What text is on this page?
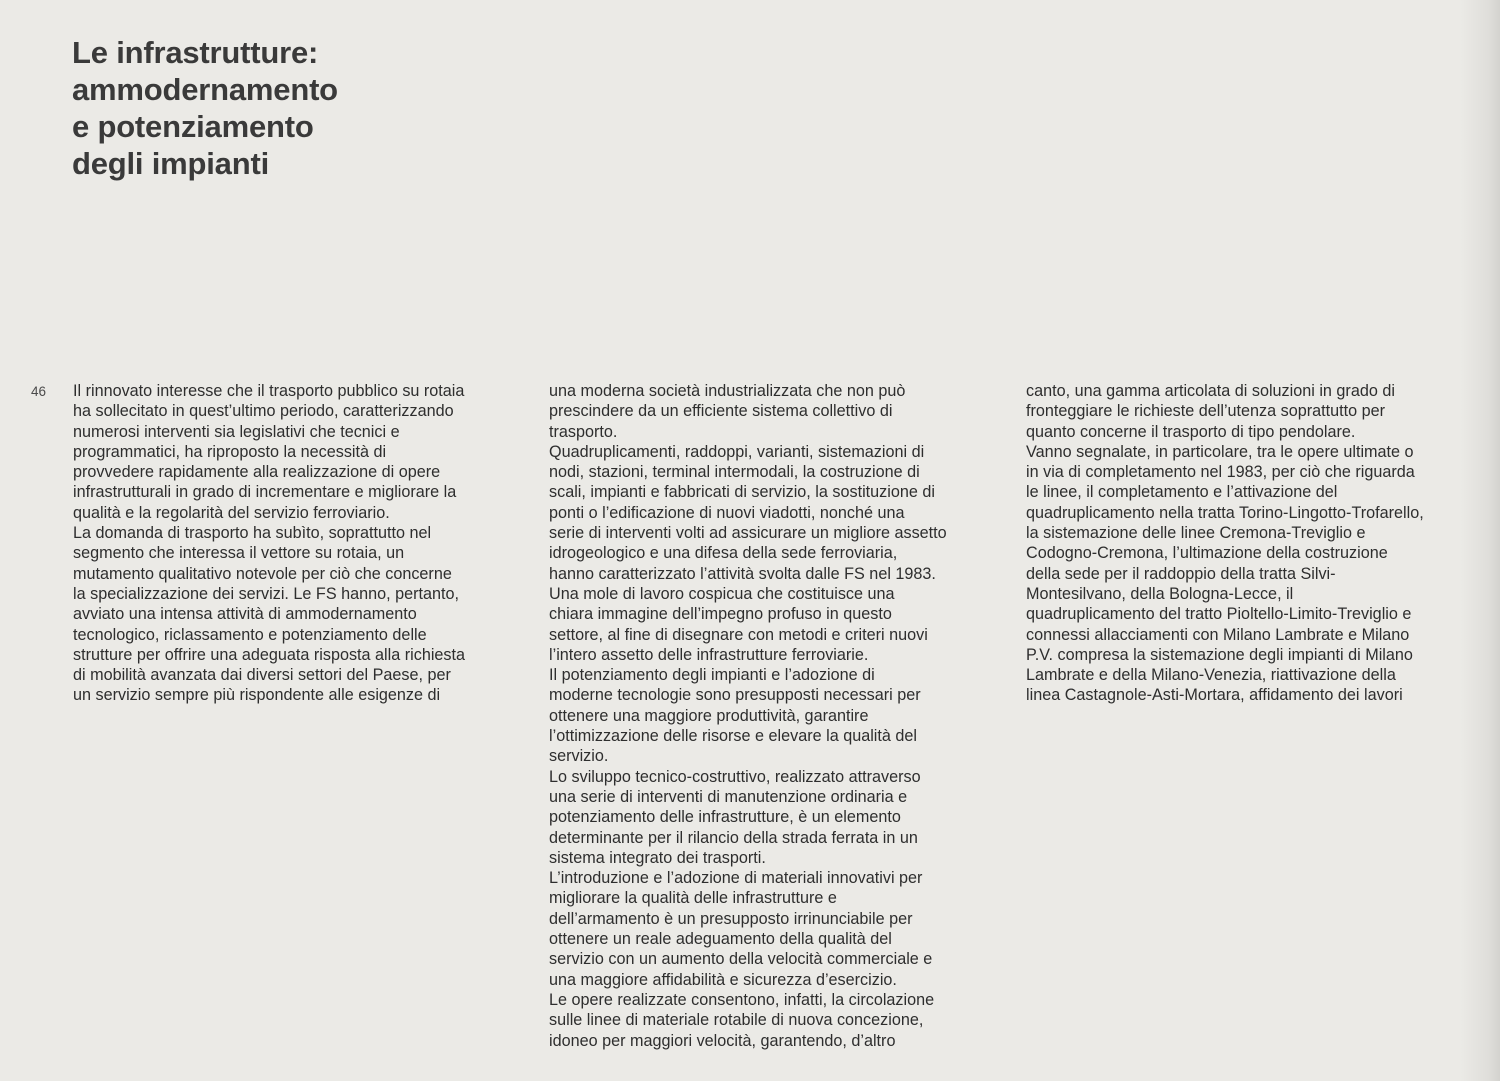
Le infrastrutture:
ammodernamento
e potenziamento
degli impianti
46 Il rinnovato interesse che il trasporto pubblico su rotaia
ha sollecitato in quest’ultimo periodo, caratterizzando
numerosi interventi sia legislativi che tecnici e
programmatici, ha riproposto la necessità di
provvedere rapidamente alla realizzazione di opere
infrastrutturali in grado di incrementare e migliorare la
qualità e la regolarità del servizio ferroviario.
La domanda di trasporto ha subìto, soprattutto nel
segmento che interessa il vettore su rotaia, un
mutamento qualitativo notevole per ciò che concerne
la specializzazione dei servizi. Le FS hanno, pertanto,
avviato una intensa attività di ammodernamento
tecnologico, riclassamento e potenziamento delle
strutture per offrire una adeguata risposta alla richiesta
di mobilità avanzata dai diversi settori del Paese, per
un servizio sempre più rispondente alle esigenze di
una moderna società industrializzata che non può
prescindere da un efficiente sistema collettivo di
trasporto.
Quadruplicamenti, raddoppi, varianti, sistemazioni di
nodi, stazioni, terminal intermodali, la costruzione di
scali, impianti e fabbricati di servizio, la sostituzione di
ponti o l’edificazione di nuovi viadotti, nonché una
serie di interventi volti ad assicurare un migliore assetto
idrogeologico e una difesa della sede ferroviaria,
hanno caratterizzato l’attività svolta dalle FS nel 1983.
Una mole di lavoro cospicua che costituisce una
chiara immagine dell’impegno profuso in questo
settore, al fine di disegnare con metodi e criteri nuovi
l’intero assetto delle infrastrutture ferroviarie.
Il potenziamento degli impianti e l’adozione di
moderne tecnologie sono presupposti necessari per
ottenere una maggiore produttività, garantire
l’ottimizzazione delle risorse e elevare la qualità del
servizio.
Lo sviluppo tecnico-costruttivo, realizzato attraverso
una serie di interventi di manutenzione ordinaria e
potenziamento delle infrastrutture, è un elemento
determinante per il rilancio della strada ferrata in un
sistema integrato dei trasporti.
L’introduzione e l’adozione di materiali innovativi per
migliorare la qualità delle infrastrutture e
dell’armamento è un presupposto irrinunciabile per
ottenere un reale adeguamento della qualità del
servizio con un aumento della velocità commerciale e
una maggiore affidabilità e sicurezza d’esercizio.
Le opere realizzate consentono, infatti, la circolazione
sulle linee di materiale rotabile di nuova concezione,
idoneo per maggiori velocità, garantendo, d’altro
canto, una gamma articolata di soluzioni in grado di
fronteggiare le richieste dell’utenza soprattutto per
quanto concerne il trasporto di tipo pendolare.
Vanno segnalate, in particolare, tra le opere ultimate o
in via di completamento nel 1983, per ciò che riguarda
le linee, il completamento e l’attivazione del
quadruplicamento nella tratta Torino-Lingotto-Trofarello,
la sistemazione delle linee Cremona-Treviglio e
Codogno-Cremona, l’ultimazione della costruzione
della sede per il raddoppio della tratta Silvi-
Montesilvano, della Bologna-Lecce, il
quadruplicamento del tratto Pioltello-Limito-Treviglio e
connessi allacciamenti con Milano Lambrate e Milano
P.V. compresa la sistemazione degli impianti di Milano
Lambrate e della Milano-Venezia, riattivazione della
linea Castagnole-Asti-Mortara, affidamento dei lavori
